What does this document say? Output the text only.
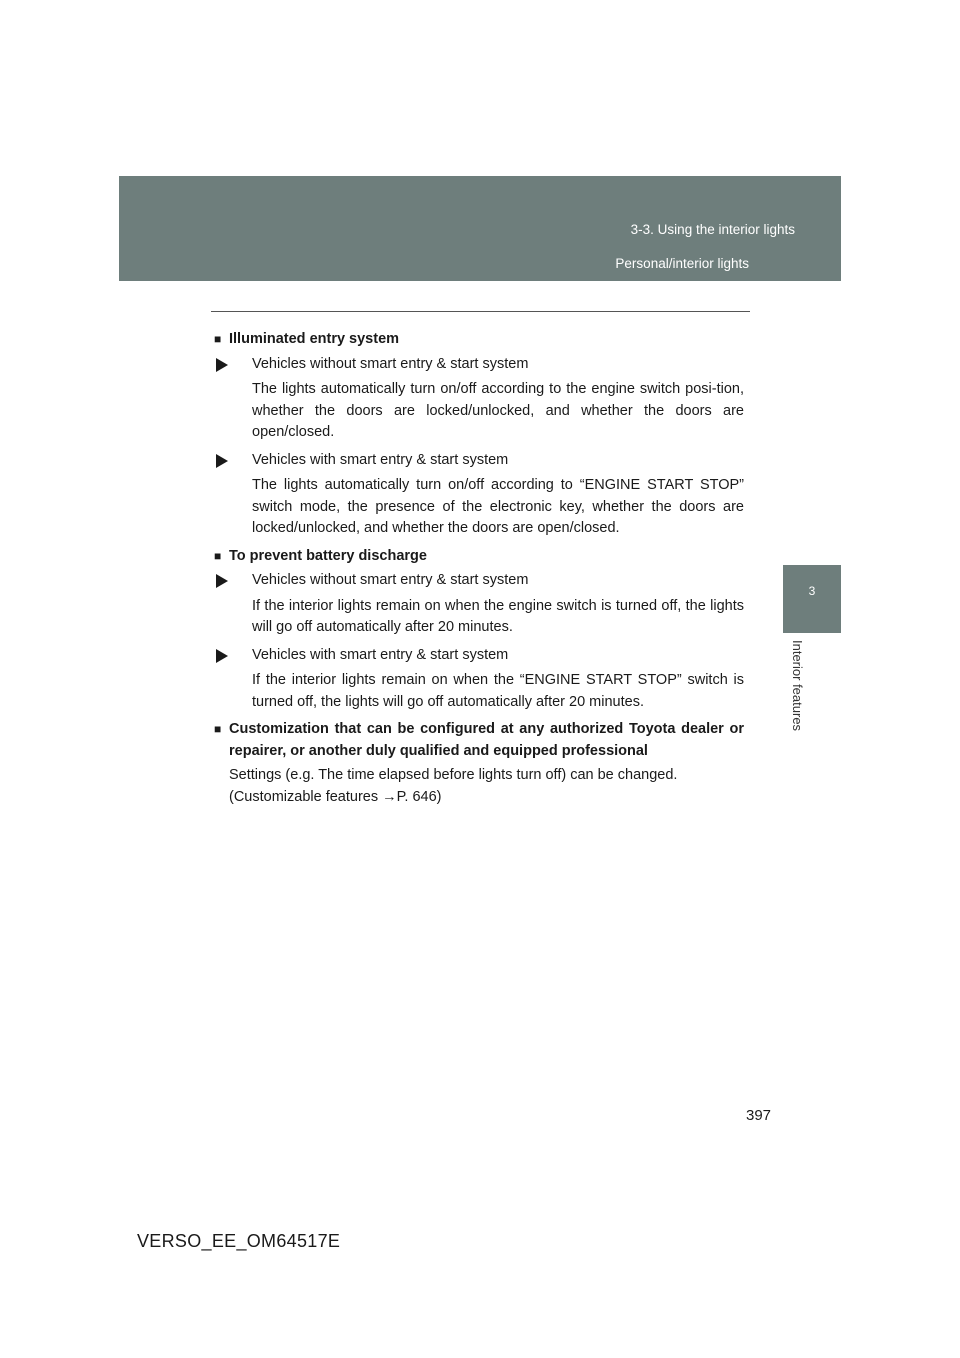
3-3. Using the interior lights
Personal/interior lights
3
Interior features
■ Illuminated entry system
Vehicles without smart entry & start system
The lights automatically turn on/off according to the engine switch posi-tion, whether the doors are locked/unlocked, and whether the doors are open/closed.
Vehicles with smart entry & start system
The lights automatically turn on/off according to “ENGINE START STOP” switch mode, the presence of the electronic key, whether the doors are locked/unlocked, and whether the doors are open/closed.
■ To prevent battery discharge
Vehicles without smart entry & start system
If the interior lights remain on when the engine switch is turned off, the lights will go off automatically after 20 minutes.
Vehicles with smart entry & start system
If the interior lights remain on when the “ENGINE START STOP” switch is turned off, the lights will go off automatically after 20 minutes.
■ Customization that can be configured at any authorized Toyota dealer or repairer, or another duly qualified and equipped professional
Settings (e.g. The time elapsed before lights turn off) can be changed.
(Customizable features →P. 646)
397
VERSO_EE_OM64517E
